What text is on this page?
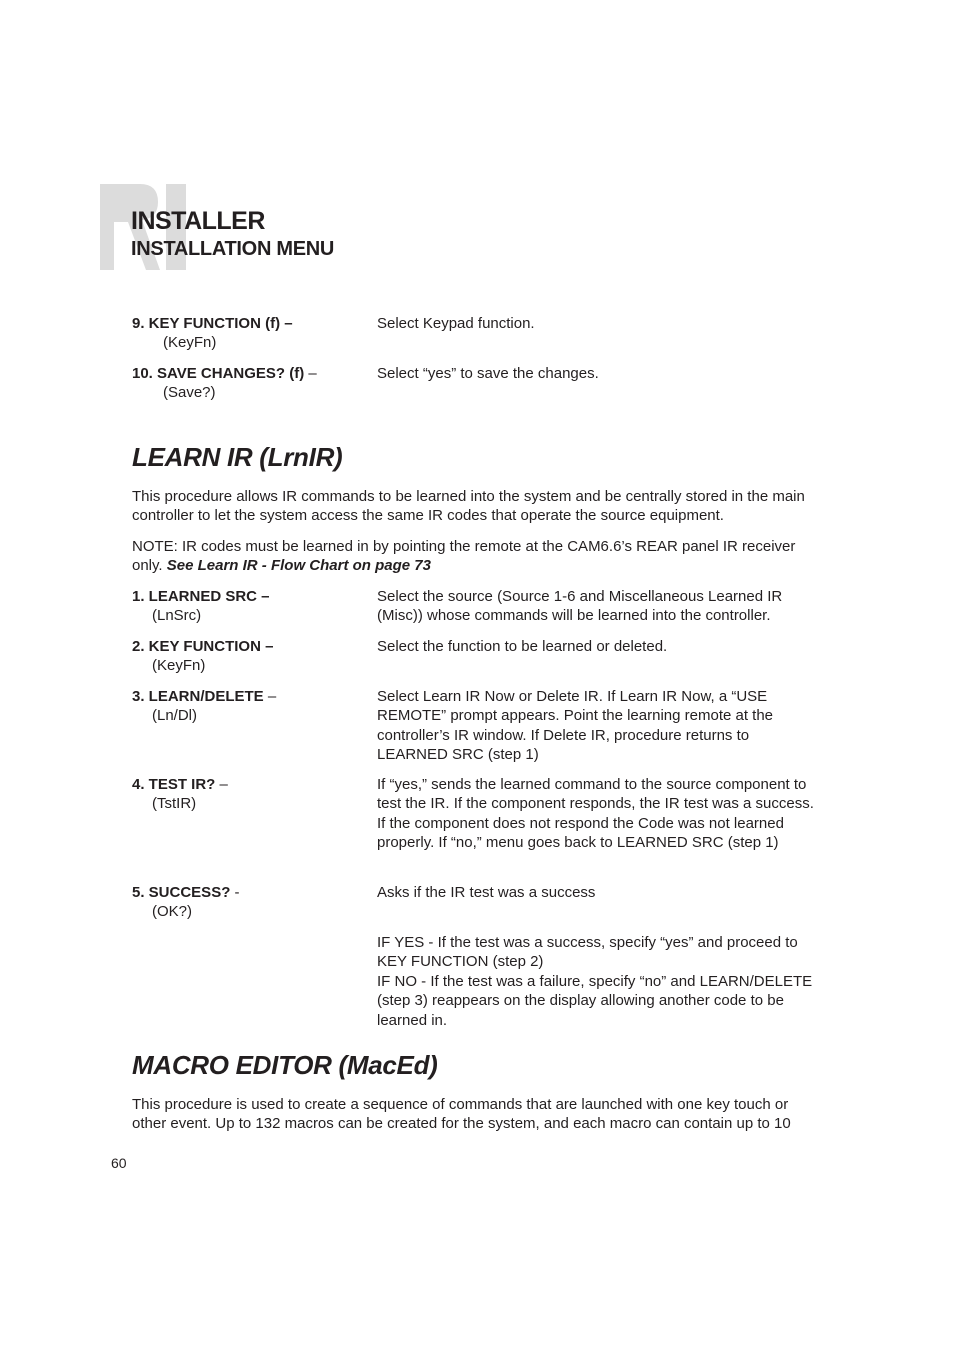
INSTALLER
INSTALLATION MENU
9. KEY FUNCTION (f) –
(KeyFn)
Select Keypad function.
10. SAVE CHANGES? (f) –
(Save?)
Select “yes” to save the changes.
LEARN IR (LrnIR)
This procedure allows IR commands to be learned into the system and be centrally stored in the main controller to let the system access the same IR codes that operate the source equipment.
NOTE: IR codes must be learned in by pointing the remote at the CAM6.6’s REAR panel IR receiver only. See Learn IR - Flow Chart on page 73
1. LEARNED SRC –
(LnSrc)
Select the source (Source 1-6 and Miscellaneous Learned IR (Misc)) whose commands will be learned into the controller.
2. KEY FUNCTION –
(KeyFn)
Select the function to be learned or deleted.
3. LEARN/DELETE –
(Ln/Dl)
Select Learn IR Now or Delete IR. If Learn IR Now, a “USE REMOTE” prompt appears. Point the learning remote at the controller’s IR window. If Delete IR, procedure returns to LEARNED SRC (step 1)
4. TEST IR? –
(TstIR)
If “yes,” sends the learned command to the source component to test the IR. If the component responds, the IR test was a success. If the component does not respond the Code was not learned properly. If “no,” menu goes back to LEARNED SRC (step 1)
5. SUCCESS? -
(OK?)
Asks if the IR test was a success
IF YES - If the test was a success, specify “yes” and proceed to KEY FUNCTION (step 2)
IF NO - If the test was a failure, specify “no” and LEARN/DELETE (step 3) reappears on the display allowing another code to be learned in.
MACRO EDITOR (MacEd)
This procedure is used to create a sequence of commands that are launched with one key touch or other event. Up to 132 macros can be created for the system, and each macro can contain up to 10
60
